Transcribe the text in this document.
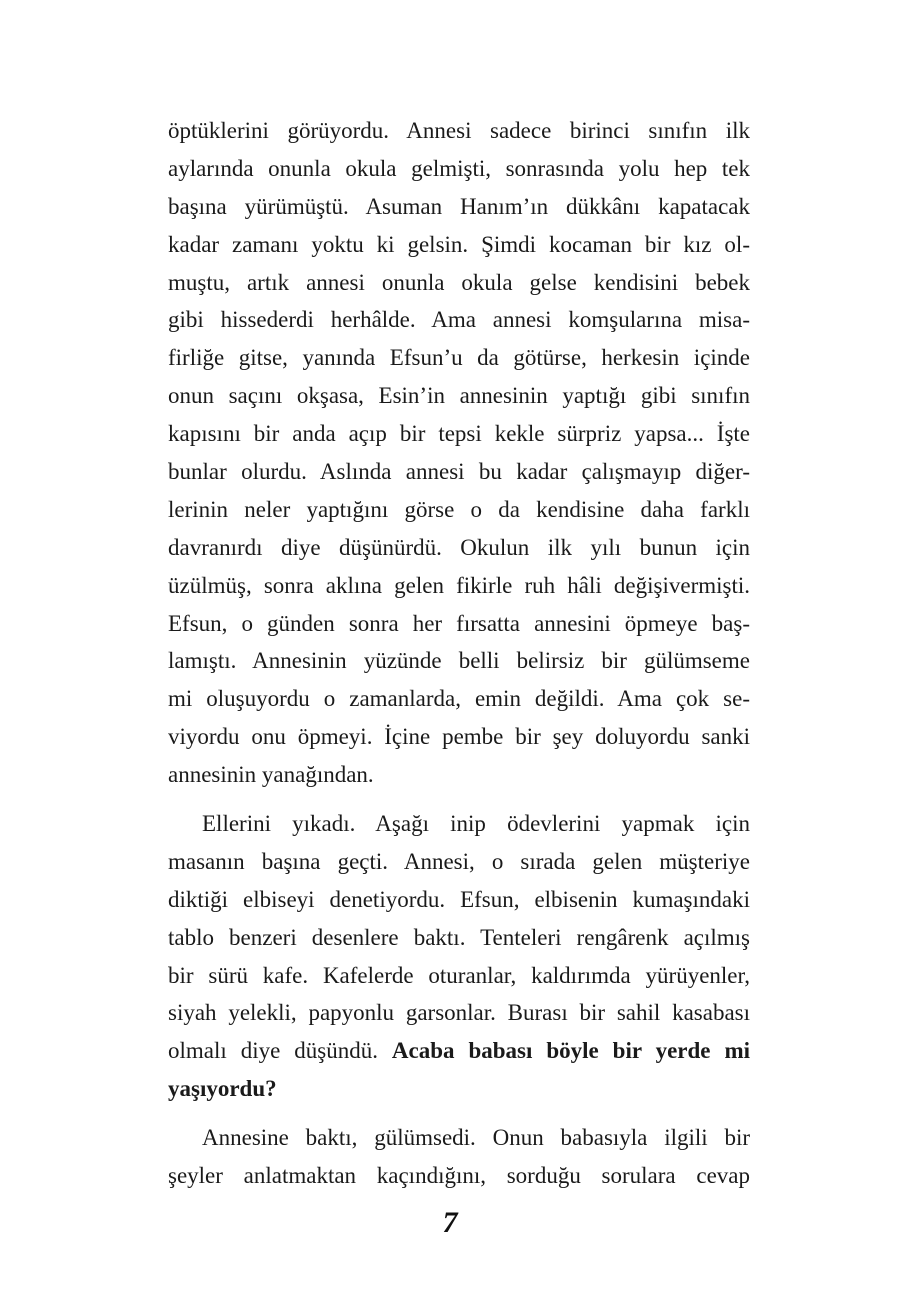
öptüklerini görüyordu. Annesi sadece birinci sınıfın ilk
aylarında onunla okula gelmişti, sonrasında yolu hep tek
başına yürümüştü. Asuman Hanım’ın dükkânı kapatacak
kadar zamanı yoktu ki gelsin. Şimdi kocaman bir kız ol-
muştu, artık annesi onunla okula gelse kendisini bebek
gibi hissederdi herhâlde. Ama annesi komşularına misa-
firliğe gitse, yanında Efsun’u da götürse, herkesin içinde
onun saçını okşasa, Esin’in annesinin yaptığı gibi sınıfın
kapısını bir anda açıp bir tepsi kekle sürpriz yapsa... İşte
bunlar olurdu. Aslında annesi bu kadar çalışmayıp diğer-
lerinin neler yaptığını görse o da kendisine daha farklı
davranırdı diye düşünürdü. Okulun ilk yılı bunun için
üzülmüş, sonra aklına gelen fikirle ruh hâli değişivermişti.
Efsun, o günden sonra her fırsatta annesini öpmeye baş-
lamıştı. Annesinin yüzünde belli belirsiz bir gülümseme
mi oluşuyordu o zamanlarda, emin değildi. Ama çok se-
viyordu onu öpmeyi. İçine pembe bir şey doluyordu sanki
annesinin yanağından.
Ellerini yıkadı. Aşağı inip ödevlerini yapmak için
masanın başına geçti. Annesi, o sırada gelen müşteriye
diktiği elbiseyi denetiyordu. Efsun, elbisenin kumaşındaki
tablo benzeri desenlere baktı. Tenteleri rengârenk açılmış
bir sürü kafe. Kafelerde oturanlar, kaldırımda yürüyenler,
siyah yelekli, papyonlu garsonlar. Burası bir sahil kasabası
olmalı diye düşündü. Acaba babası böyle bir yerde mi
yaşıyordu?
Annesine baktı, gülümsedi. Onun babasıyla ilgili bir
şeyler anlatmaktan kaçındığını, sorduğu sorulara cevap
7
